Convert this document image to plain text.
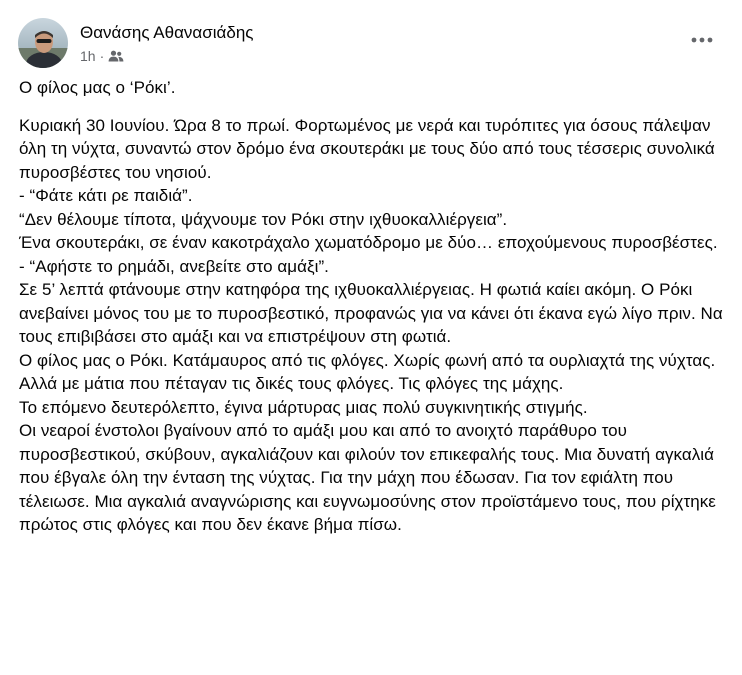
Θανάσης Αθανασιάδης
1h ·

Ο φίλος μας ο ‘Ρόκι’.

Κυριακή 30 Ιουνίου. Ώρα 8 το πρωί. Φορτωμένος με νερά και τυρόπιτες για όσους πάλεψαν όλη τη νύχτα, συναντώ στον δρόμο ένα σκουτεράκι με τους δύο από τους τέσσερις συνολικά πυροσβέστες του νησιού.

- “Φάτε κάτι ρε παιδιά”.

“Δεν θέλουμε τίποτα, ψάχνουμε τον Ρόκι στην ιχθυοκαλλιέργεια”.

Ένα σκουτεράκι, σε έναν κακοτράχαλο χωματόδρομο με δύο… εποχούμενους πυροσβέστες.

- “Αφήστε το ρημάδι, ανεβείτε στο αμάξι”.

Σε 5’ λεπτά φτάνουμε στην κατηφόρα της ιχθυοκαλλιέργειας. Η φωτιά καίει ακόμη. Ο Ρόκι ανεβαίνει μόνος του με το πυροσβεστικό, προφανώς για να κάνει ότι έκανα εγώ λίγο πριν. Να τους επιβιβάσει στο αμάξι και να επιστρέψουν στη φωτιά.

Ο φίλος μας ο Ρόκι. Κατάμαυρος από τις φλόγες. Χωρίς φωνή από τα ουρλιαχτά της νύχτας. Αλλά με μάτια που πέταγαν τις δικές τους φλόγες. Τις φλόγες της μάχης.

Το επόμενο δευτερόλεπτο, έγινα μάρτυρας μιας πολύ συγκινητικής στιγμής.

Οι νεαροί ένστολοι βγαίνουν από το αμάξι μου και από το ανοιχτό παράθυρο του πυροσβεστικού, σκύβουν, αγκαλιάζουν και φιλούν τον επικεφαλής τους. Μια δυνατή αγκαλιά που έβγαλε όλη την ένταση της νύχτας. Για την μάχη που έδωσαν. Για τον εφιάλτη που τέλειωσε. Μια αγκαλιά αναγνώρισης και ευγνωμοσύνης στον προϊστάμενο τους, που ρίχτηκε πρώτος στις φλόγες και που δεν έκανε βήμα πίσω.
